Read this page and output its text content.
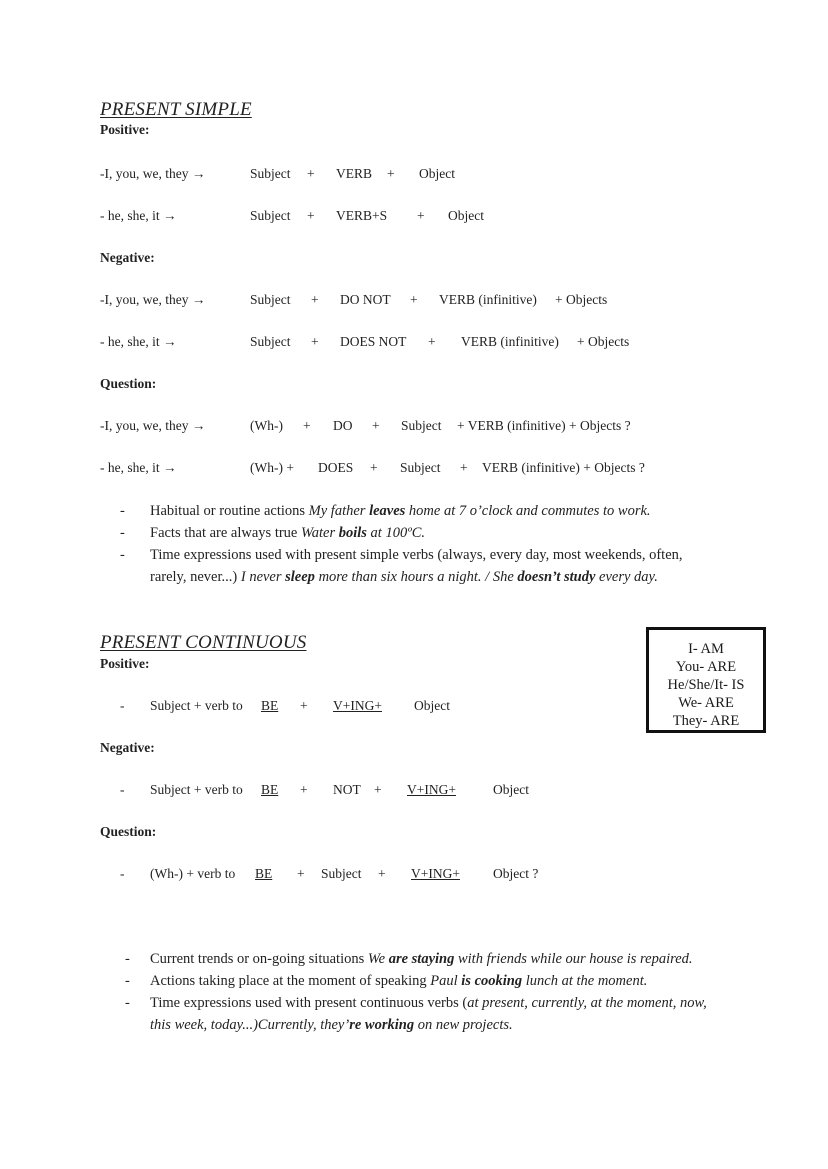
PRESENT SIMPLE
Positive:
-I, you, we, they →	Subject + VERB + Object
- he, she, it →	Subject + VERB+S + Object
Negative:
-I, you, we, they →	Subject + DO NOT + VERB (infinitive) + Objects
- he, she, it →	Subject + DOES NOT + VERB (infinitive) + Objects
Question:
-I, you, we, they →	(Wh-) + DO + Subject + VERB (infinitive) + Objects ?
- he, she, it →	(Wh-) + DOES + Subject + VERB (infinitive) + Objects ?
- Habitual or routine actions My father leaves home at 7 o’clock and commutes to work.
- Facts that are always true Water boils at 100ºC.
- Time expressions used with present simple verbs (always, every day, most weekends, often, rarely, never...) I never sleep more than six hours a night. / She doesn’t study every day.
PRESENT CONTINUOUS
Positive:
I- AM
You- ARE
He/She/It- IS
We- ARE
They- ARE
- Subject + verb to BE + V+ING+ Object
Negative:
- Subject + verb to BE + NOT + V+ING+	Object
Question:
- (Wh-) + verb to BE + Subject + V+ING+ Object ?
- Current trends or on-going situations We are staying with friends while our house is repaired.
- Actions taking place at the moment of speaking Paul is cooking lunch at the moment.
- Time expressions used with present continuous verbs (at present, currently, at the moment, now, this week, today...)Currently, they’re working on new projects.
